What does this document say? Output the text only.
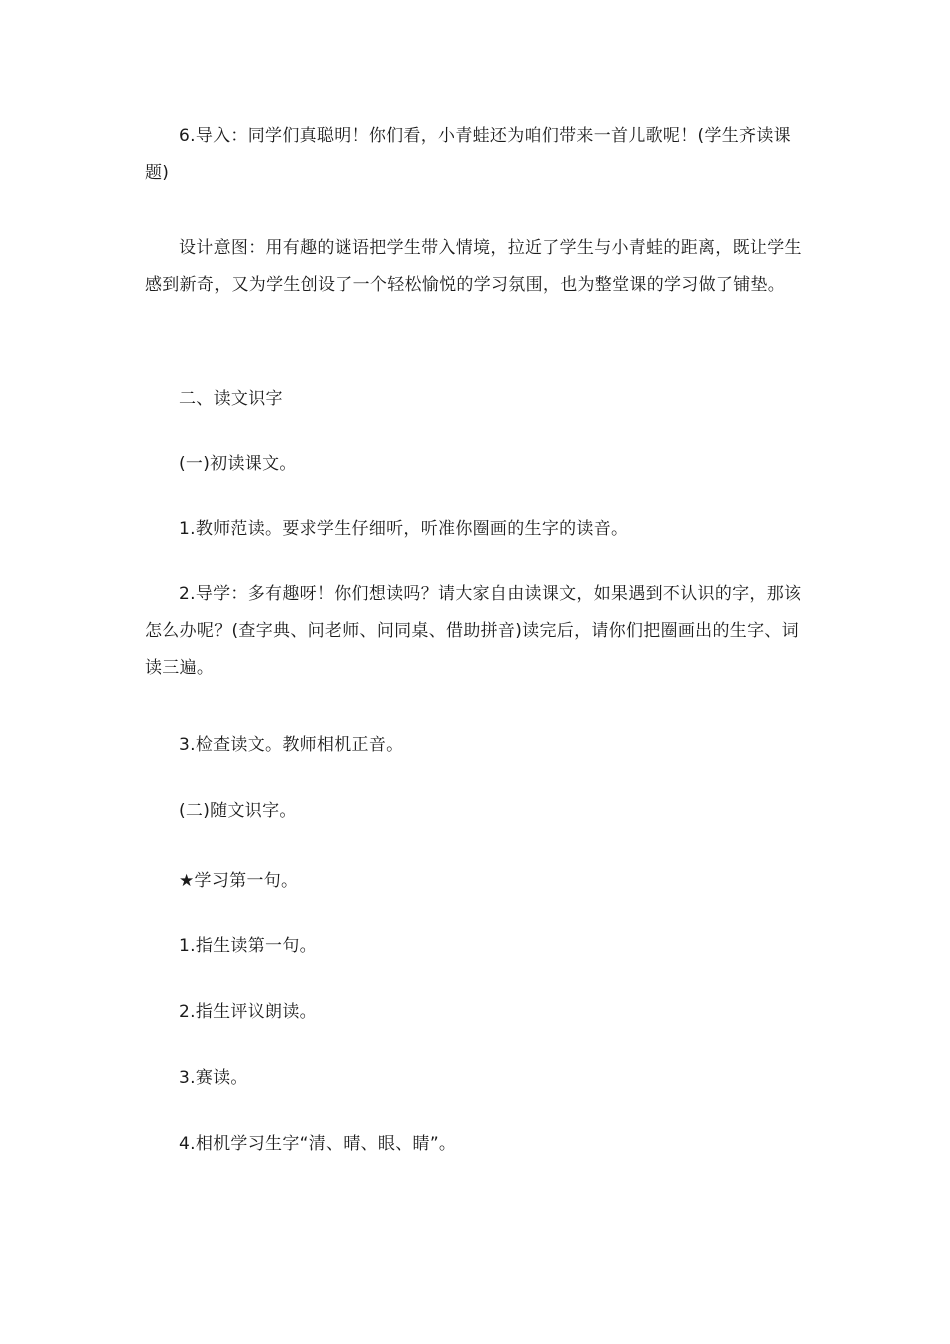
6.导入：同学们真聪明！你们看，小青蛙还为咱们带来一首儿歌呢！(学生齐读课题)

设计意图：用有趣的谜语把学生带入情境，拉近了学生与小青蛙的距离，既让学生感到新奇，又为学生创设了一个轻松愉悦的学习氛围，也为整堂课的学习做了铺垫。

二、读文识字

(一)初读课文。

1.教师范读。要求学生仔细听，听准你圈画的生字的读音。

2.导学：多有趣呀！你们想读吗？请大家自由读课文，如果遇到不认识的字，那该怎么办呢？(查字典、问老师、问同桌、借助拼音)读完后，请你们把圈画出的生字、词读三遍。

3.检查读文。教师相机正音。

(二)随文识字。

★学习第一句。

1.指生读第一句。

2.指生评议朗读。

3.赛读。

4.相机学习生字“清、晴、眼、睛”。
